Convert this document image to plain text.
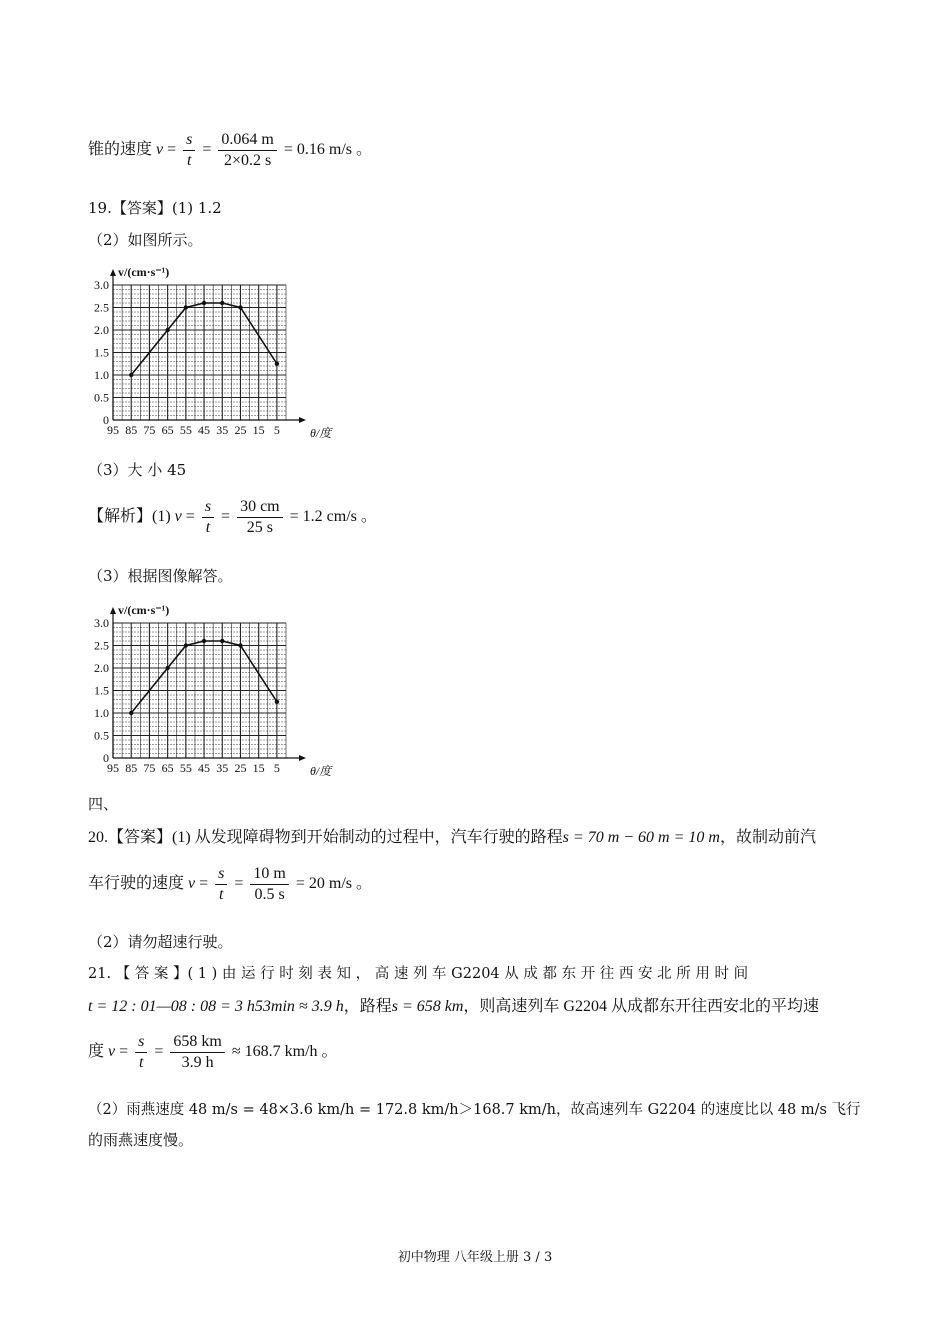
锥的速度 $v = \frac{s}{t} = \frac{0.064 m}{2\times 0.2 s} = 0.16$ m/s 。
19.【答案】(1) 1.2
（2）如图所示。
0
0.5
1.0
1.5
2.0
2.5
3.0
95 85 75 65 55 45 35 25 15 5
v/(cm·s⁻¹)
θ/度
（3）大 小 45
【解析】(1) $v = \frac{s}{t} = \frac{30 cm}{25 s} = 1.2$ cm/s 。
（3）根据图像解答。
0
0.5
1.0
1.5
2.0
2.5
3.0
95 85 75 65 55 45 35 25 15 5
v/(cm·s⁻¹)
θ/度
四、
20.【答案】(1) 从发现障碍物到开始制动的过程中，汽车行驶的路程s = 70 m − 60 m = 10 m，故制动前汽
车行驶的速度 $v = \frac{s}{t} = \frac{10 m}{0.5 s} = 20$ m/s 。
（2）请勿超速行驶。
21. 【 答 案 】( 1 ) 由 运 行 时 刻 表 知 ， 高 速 列 车 G2204 从 成 都 东 开 往 西 安 北 所 用 时 间
t = 12 : 01—08 : 08 = 3 h53min ≈ 3.9 h，路程s = 658 km，则高速列车 G2204 从成都东开往西安北的平均速
度 $v = \frac{s}{t} = \frac{658 km}{3.9 h} \approx 168.7$ km/h 。
（2）雨燕速度 48 m/s = 48×3.6 km/h = 172.8 km/h＞168.7 km/h，故高速列车 G2204 的速度比以 48 m/s 飞行
的雨燕速度慢。
初中物理 八年级上册 3 / 3
